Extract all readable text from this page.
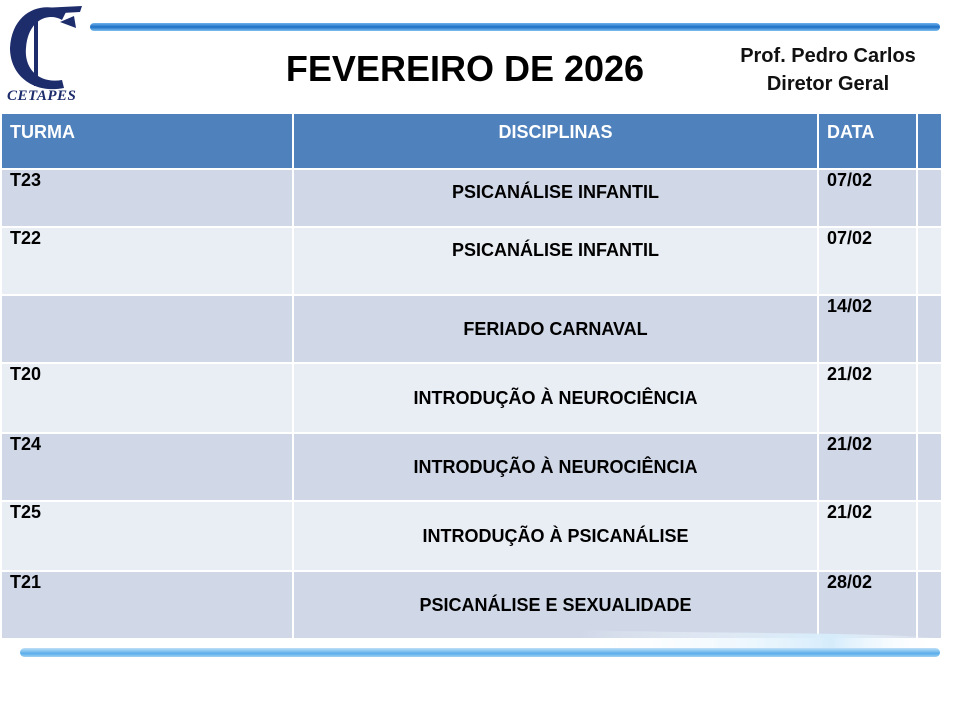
CETAPES
FEVEREIRO DE 2026	Prof. Pedro Carlos
Diretor Geral
TURMA	DISCIPLINAS	DATA	
T23	PSICANÁLISE INFANTIL	07/02	
T22	PSICANÁLISE INFANTIL	07/02	
	FERIADO CARNAVAL	14/02	
T20	INTRODUÇÃO À NEUROCIÊNCIA	21/02	
T24	INTRODUÇÃO À NEUROCIÊNCIA	21/02	
T25	INTRODUÇÃO À PSICANÁLISE	21/02	
T21	PSICANÁLISE E SEXUALIDADE	28/02	
